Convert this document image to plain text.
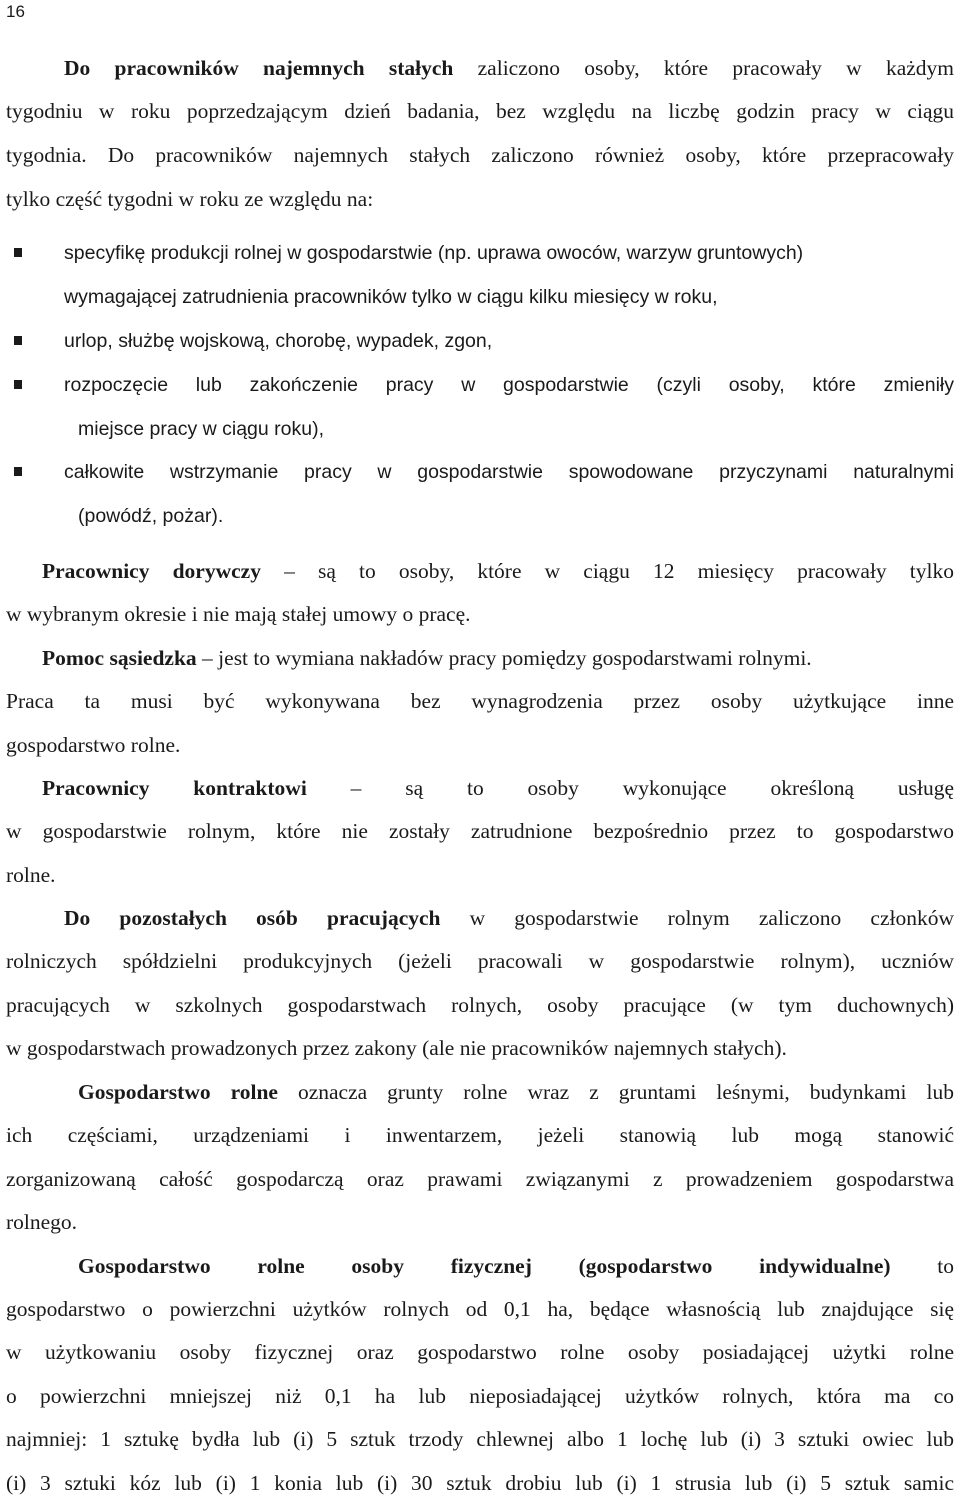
16
Do pracowników najemnych stałych zaliczono osoby, które pracowały w każdym
tygodniu w roku poprzedzającym dzień badania, bez względu na liczbę godzin pracy w ciągu
tygodnia. Do pracowników najemnych stałych zaliczono również osoby, które przepracowały
tylko część tygodni w roku ze względu na:
specyfikę produkcji rolnej w gospodarstwie (np. uprawa owoców, warzyw gruntowych)
wymagającej zatrudnienia pracowników tylko w ciągu kilku miesięcy w roku,
urlop, służbę wojskową, chorobę, wypadek, zgon,
rozpoczęcie lub zakończenie pracy w gospodarstwie (czyli osoby, które zmieniły
miejsce pracy w ciągu roku),
całkowite wstrzymanie pracy w gospodarstwie spowodowane przyczynami naturalnymi
(powódź, pożar).
Pracownicy dorywczy – są to osoby, które w ciągu 12 miesięcy pracowały tylko
w wybranym okresie i nie mają stałej umowy o pracę.
Pomoc sąsiedzka – jest to wymiana nakładów pracy pomiędzy gospodarstwami rolnymi.
Praca ta musi być wykonywana bez wynagrodzenia przez osoby użytkujące inne
gospodarstwo rolne.
Pracownicy kontraktowi – są to osoby wykonujące określoną usługę
w gospodarstwie rolnym, które nie zostały zatrudnione bezpośrednio przez to gospodarstwo
rolne.
Do pozostałych osób pracujących w gospodarstwie rolnym zaliczono członków
rolniczych spółdzielni produkcyjnych (jeżeli pracowali w gospodarstwie rolnym), uczniów
pracujących w szkolnych gospodarstwach rolnych, osoby pracujące (w tym duchownych)
w gospodarstwach prowadzonych przez zakony (ale nie pracowników najemnych stałych).
Gospodarstwo rolne oznacza grunty rolne wraz z gruntami leśnymi, budynkami lub
ich częściami, urządzeniami i inwentarzem, jeżeli stanowią lub mogą stanowić
zorganizowaną całość gospodarczą oraz prawami związanymi z prowadzeniem gospodarstwa
rolnego.
Gospodarstwo rolne osoby fizycznej (gospodarstwo indywidualne) to
gospodarstwo o powierzchni użytków rolnych od 0,1 ha, będące własnością lub znajdujące się
w użytkowaniu osoby fizycznej oraz gospodarstwo rolne osoby posiadającej użytki rolne
o powierzchni mniejszej niż 0,1 ha lub nieposiadającej użytków rolnych, która ma co
najmniej: 1 sztukę bydła lub (i) 5 sztuk trzody chlewnej albo 1 lochę lub (i) 3 sztuki owiec lub
(i) 3 sztuki kóz lub (i) 1 konia lub (i) 30 sztuk drobiu lub (i) 1 strusia lub (i) 5 sztuk samic
